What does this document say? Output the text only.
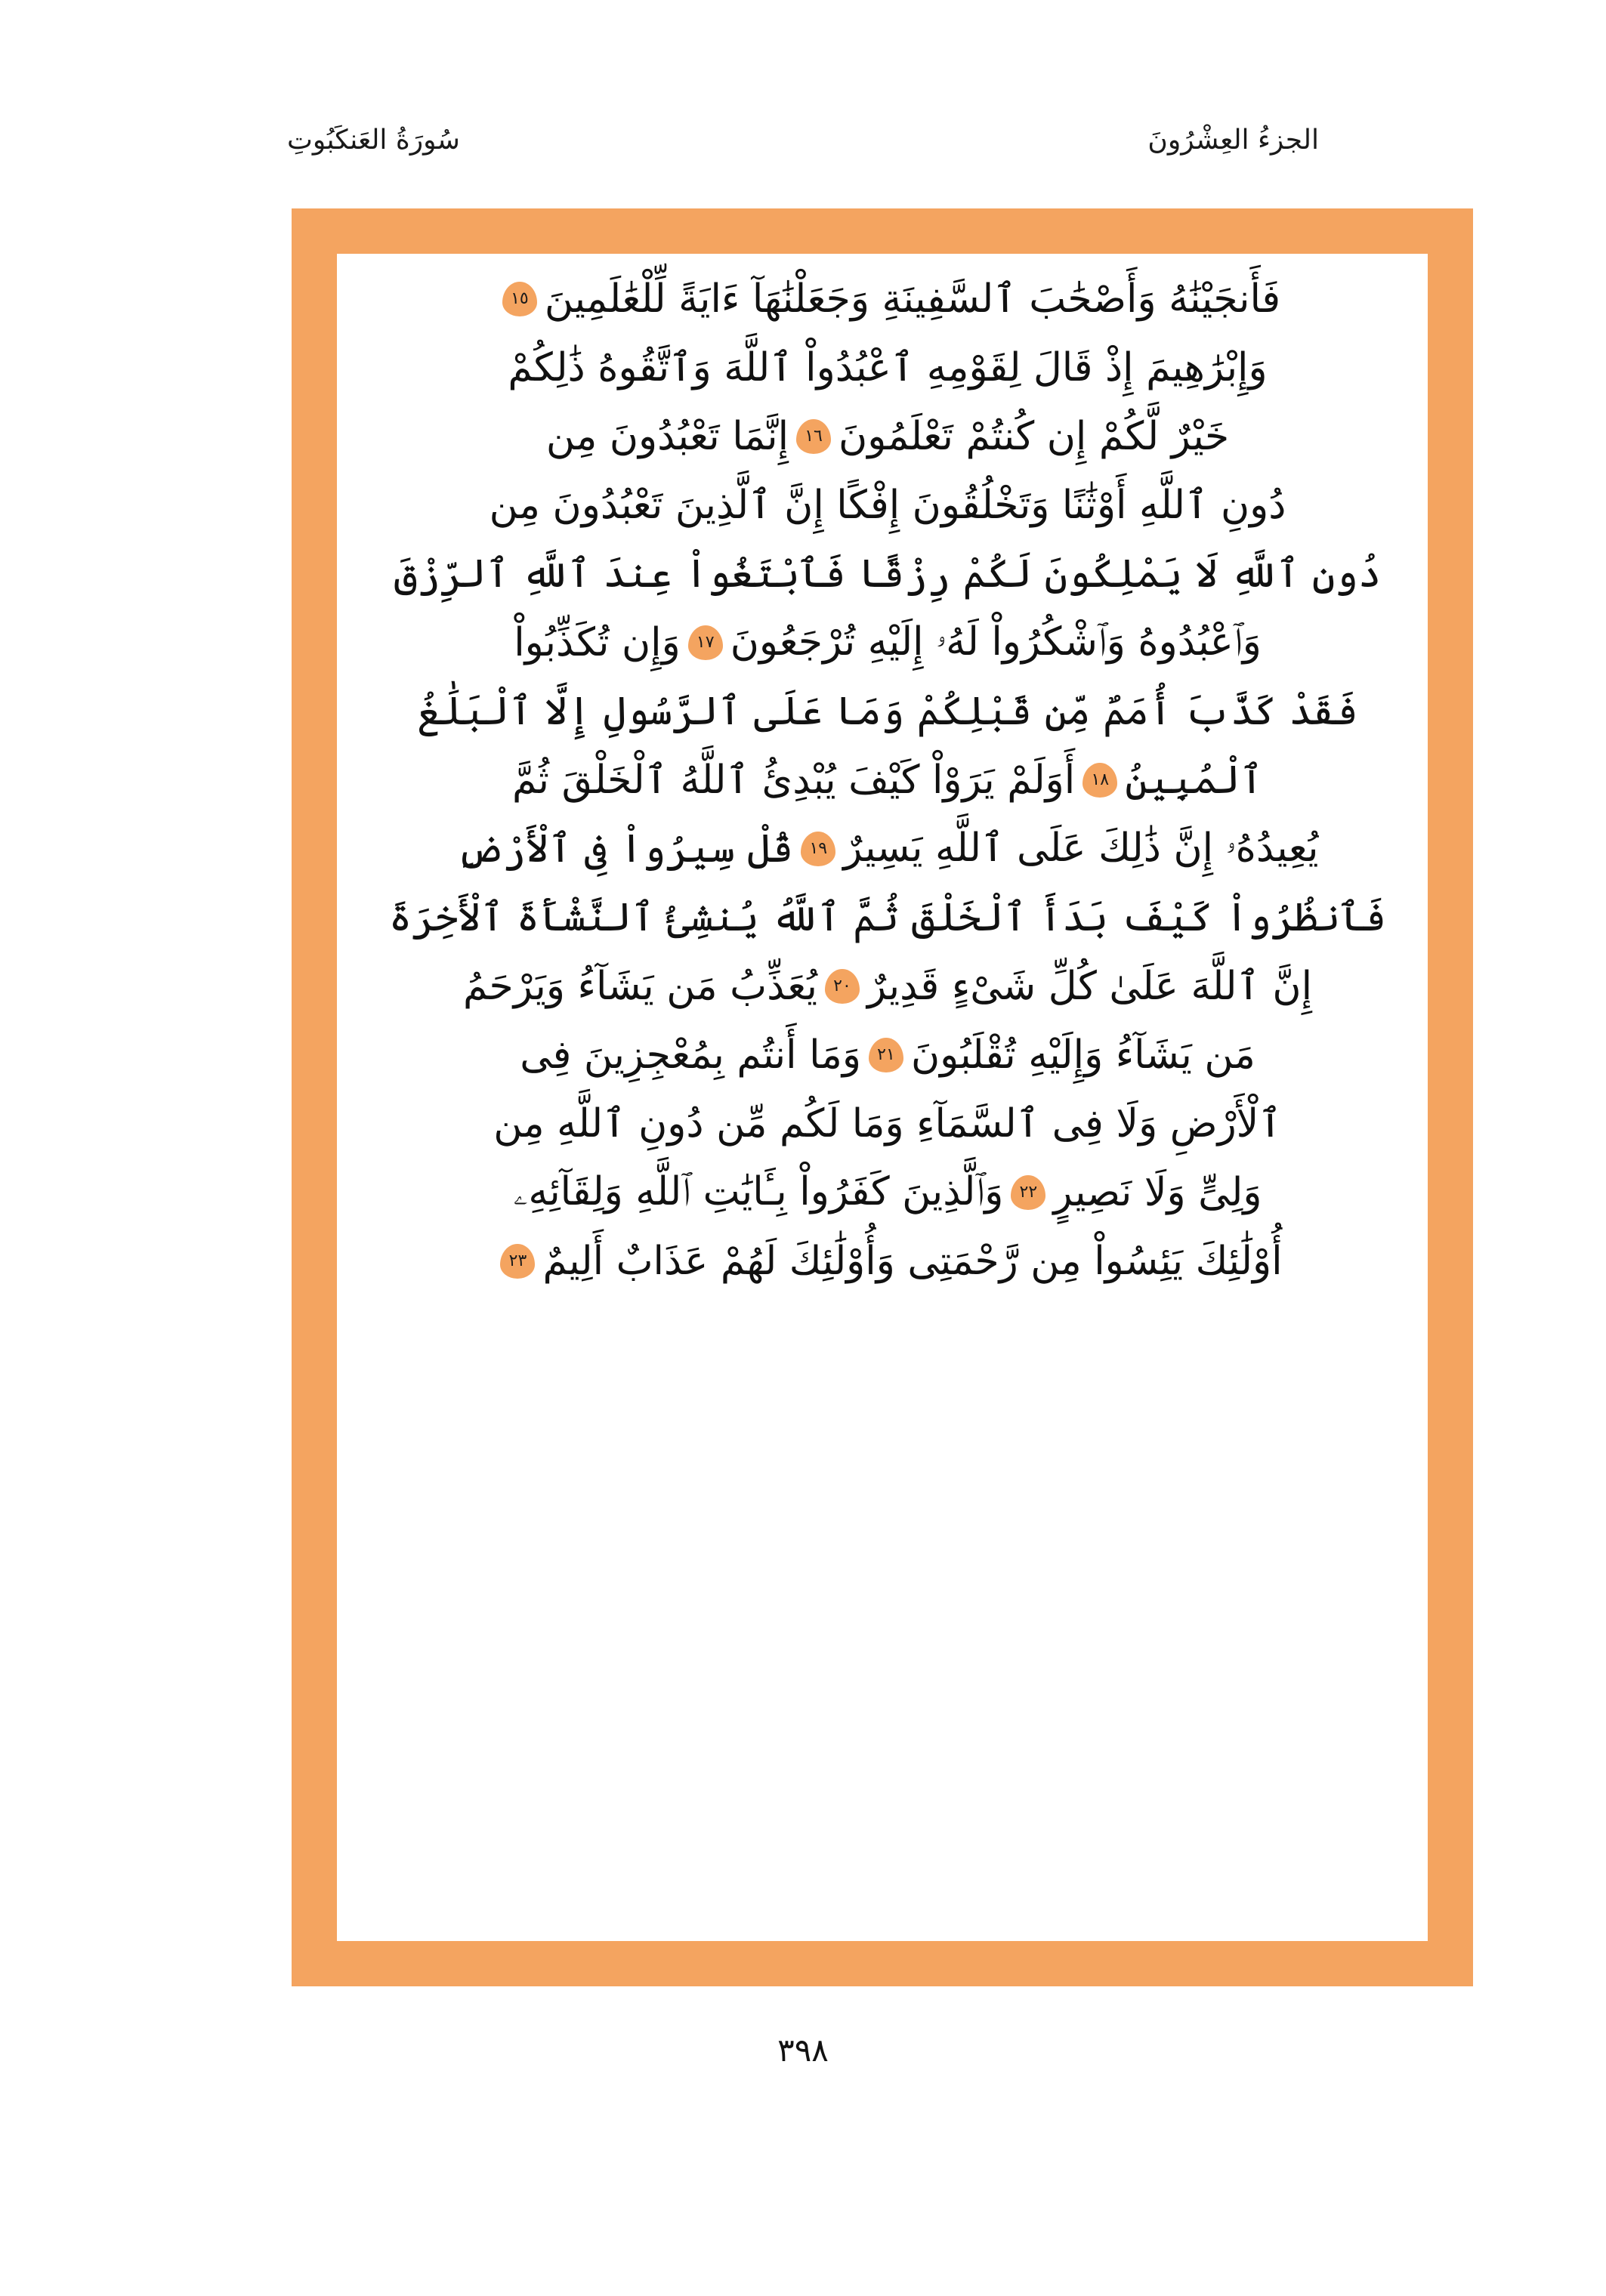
الجزءُ العِشْرُونَ
سُورَةُ العَنكَبُوتِ
فَأَنجَيْنَٰهُ وَأَصْحَٰبَ ٱلسَّفِينَةِ وَجَعَلْنَٰهَآ ءَايَةً لِّلْعَٰلَمِينَ
١٥
وَإِبْرَٰهِيمَ إِذْ قَالَ لِقَوْمِهِ ٱعْبُدُواْ ٱللَّهَ وَٱتَّقُوهُ ذَٰلِكُمْ
خَيْرٌ لَّكُمْ إِن كُنتُمْ تَعْلَمُونَ
١٦
إِنَّمَا تَعْبُدُونَ مِن
دُونِ ٱللَّهِ أَوْثَٰنًا وَتَخْلُقُونَ إِفْكًا إِنَّ ٱلَّذِينَ تَعْبُدُونَ مِن
دُونِ ٱللَّهِ لَا يَمْلِكُونَ لَكُمْ رِزْقًا فَٱبْتَغُواْ عِندَ ٱللَّهِ ٱلرِّزْقَ
وَٱعْبُدُوهُ وَٱشْكُرُواْ لَهُۥ إِلَيْهِ تُرْجَعُونَ
١٧
وَإِن تُكَذِّبُواْ
فَقَدْ كَذَّبَ أُمَمٌ مِّن قَبْلِكُمْ وَمَا عَلَى ٱلرَّسُولِ إِلَّا ٱلْبَلَٰغُ
ٱلْمُبِينُ
١٨
أَوَلَمْ يَرَوْاْ كَيْفَ يُبْدِئُ ٱللَّهُ ٱلْخَلْقَ ثُمَّ
يُعِيدُهُۥ إِنَّ ذَٰلِكَ عَلَى ٱللَّهِ يَسِيرٌ
١٩
قُلْ سِيرُواْ فِى ٱلْأَرْضِ
فَٱنظُرُواْ كَيْفَ بَدَأَ ٱلْخَلْقَ ثُمَّ ٱللَّهُ يُنشِئُ ٱلنَّشْأَةَ ٱلْأَخِرَةَ
إِنَّ ٱللَّهَ عَلَىٰ كُلِّ شَىْءٍ قَدِيرٌ
٢٠
يُعَذِّبُ مَن يَشَآءُ وَيَرْحَمُ
مَن يَشَآءُ وَإِلَيْهِ تُقْلَبُونَ
٢١
وَمَا أَنتُم بِمُعْجِزِينَ فِى
ٱلْأَرْضِ وَلَا فِى ٱلسَّمَآءِ وَمَا لَكُم مِّن دُونِ ٱللَّهِ مِن
وَلِىٍّ وَلَا نَصِيرٍ
٢٢
وَٱلَّذِينَ كَفَرُواْ بِـَٔايَٰتِ ٱللَّهِ وَلِقَآئِهِۦ
أُوْلَٰئِكَ يَئِسُواْ مِن رَّحْمَتِى وَأُوْلَٰئِكَ لَهُمْ عَذَابٌ أَلِيمٌ
٢٣
٣٩٨
